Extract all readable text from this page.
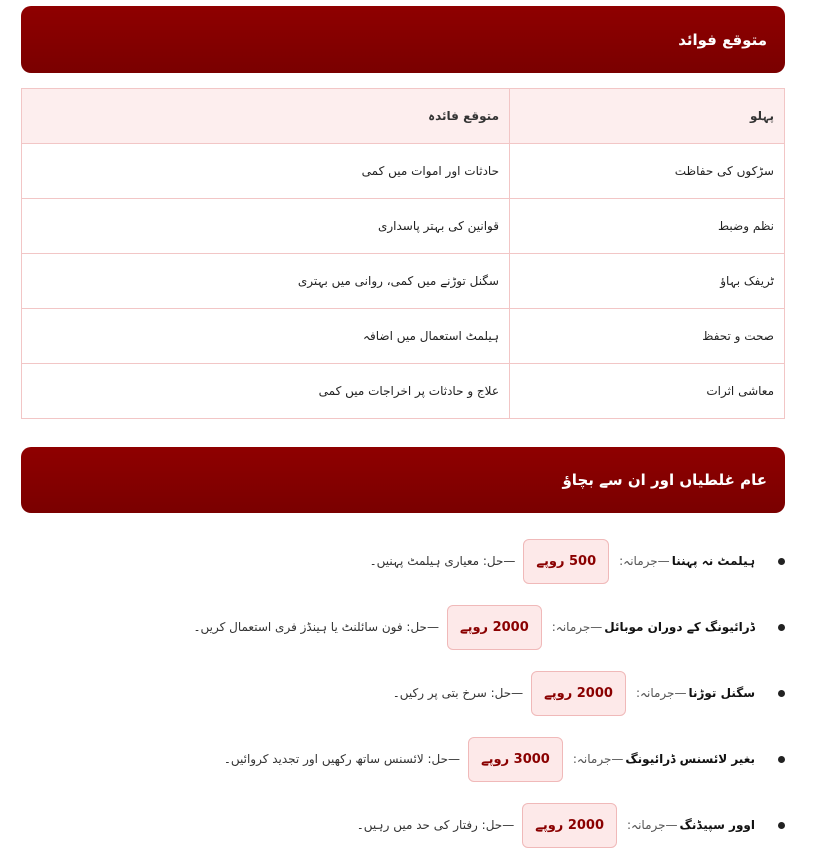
متوقع فوائد
پہلو	متوقع فائدہ
سڑکوں کی حفاظت	حادثات اور اموات میں کمی
نظم وضبط	قوانین کی بہتر پاسداری
ٹریفک بہاؤ	سگنل توڑنے میں کمی، روانی میں بہتری
صحت و تحفظ	ہیلمٹ استعمال میں اضافہ
معاشی اثرات	علاج و حادثات پر اخراجات میں کمی
عام غلطیاں اور ان سے بچاؤ
ہیلمٹ نہ پہننا
—جرمانہ:
500 روپے
—حل: معیاری ہیلمٹ پہنیں۔
ڈرائیونگ کے دوران موبائل
—جرمانہ:
2000 روپے
—حل: فون سائلنٹ یا ہینڈز فری استعمال کریں۔
سگنل توڑنا
—جرمانہ:
2000 روپے
—حل: سرخ بتی پر رکیں۔
بغیر لائسنس ڈرائیونگ
—جرمانہ:
3000 روپے
—حل: لائسنس ساتھ رکھیں اور تجدید کروائیں۔
اوور سپیڈنگ
—جرمانہ:
2000 روپے
—حل: رفتار کی حد میں رہیں۔
